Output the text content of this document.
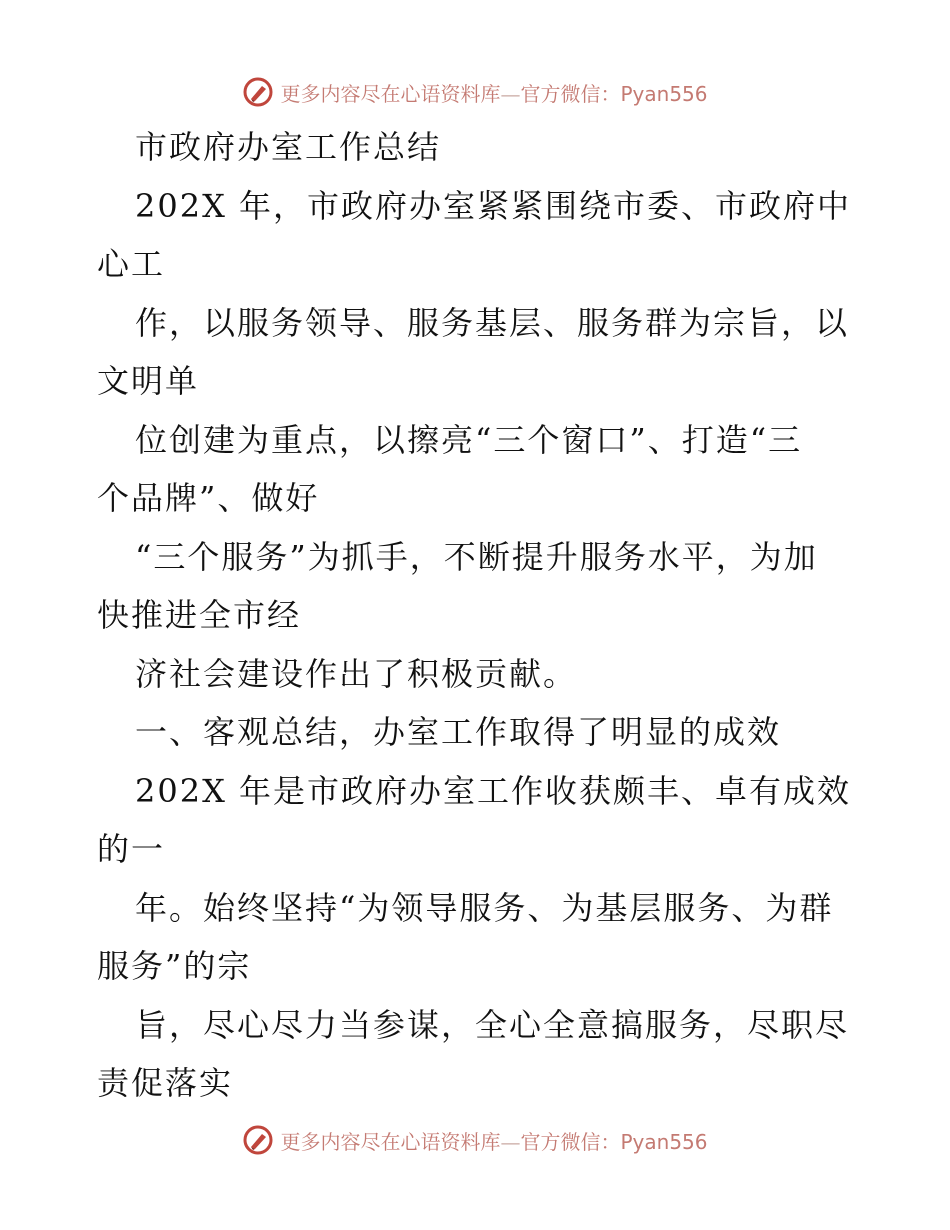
更多内容尽在心语资料库—官方微信：Pyan556
市政府办室工作总结
202X 年，市政府办室紧紧围绕市委、市政府中
心工
作，以服务领导、服务基层、服务群为宗旨，以
文明单
位创建为重点，以擦亮“三个窗口”、打造“三
个品牌”、做好
“三个服务”为抓手，不断提升服务水平，为加
快推进全市经
济社会建设作出了积极贡献。
一、客观总结，办室工作取得了明显的成效
202X 年是市政府办室工作收获颇丰、卓有成效
的一
年。始终坚持“为领导服务、为基层服务、为群
服务”的宗
旨，尽心尽力当参谋，全心全意搞服务，尽职尽
责促落实
更多内容尽在心语资料库—官方微信：Pyan556
